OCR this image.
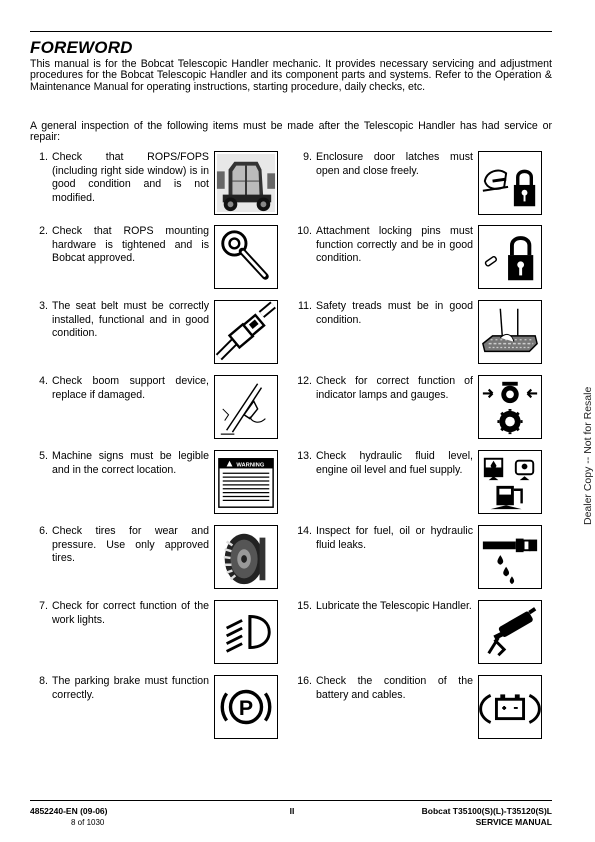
FOREWORD

This manual is for the Bobcat Telescopic Handler mechanic. It provides necessary servicing and adjustment procedures for the Bobcat Telescopic Handler and its component parts and systems. Refer to the Operation & Maintenance Manual for operating instructions, starting procedure, daily checks, etc.

A general inspection of the following items must be made after the Telescopic Handler has had service or repair:

1. Check that ROPS/FOPS (including right side window) is in good condition and is not modified.
2. Check that ROPS mounting hardware is tightened and is Bobcat approved.
3. The seat belt must be correctly installed, functional and in good condition.
4. Check boom support device, replace if damaged.
5. Machine signs must be legible and in the correct location.	WARNING
6. Check tires for wear and pressure. Use only approved tires.
7. Check for correct function of the work lights.
8. The parking brake must function correctly.
P
9. Enclosure door latches must open and close freely.
10. Attachment locking pins must function correctly and be in good condition.
11. Safety treads must be in good condition.
12. Check for correct function of indicator lamps and gauges.
13. Check hydraulic fluid level, engine oil level and fuel supply.
14. Inspect for fuel, oil or hydraulic fluid leaks.
15. Lubricate the Telescopic Handler.
16. Check the condition of the battery and cables.
Dealer Copy -- Not for Resale
4852240-EN (09-06)
8 of 1030
II	Bobcat T35100(S)(L)-T35120(S)L
SERVICE MANUAL
